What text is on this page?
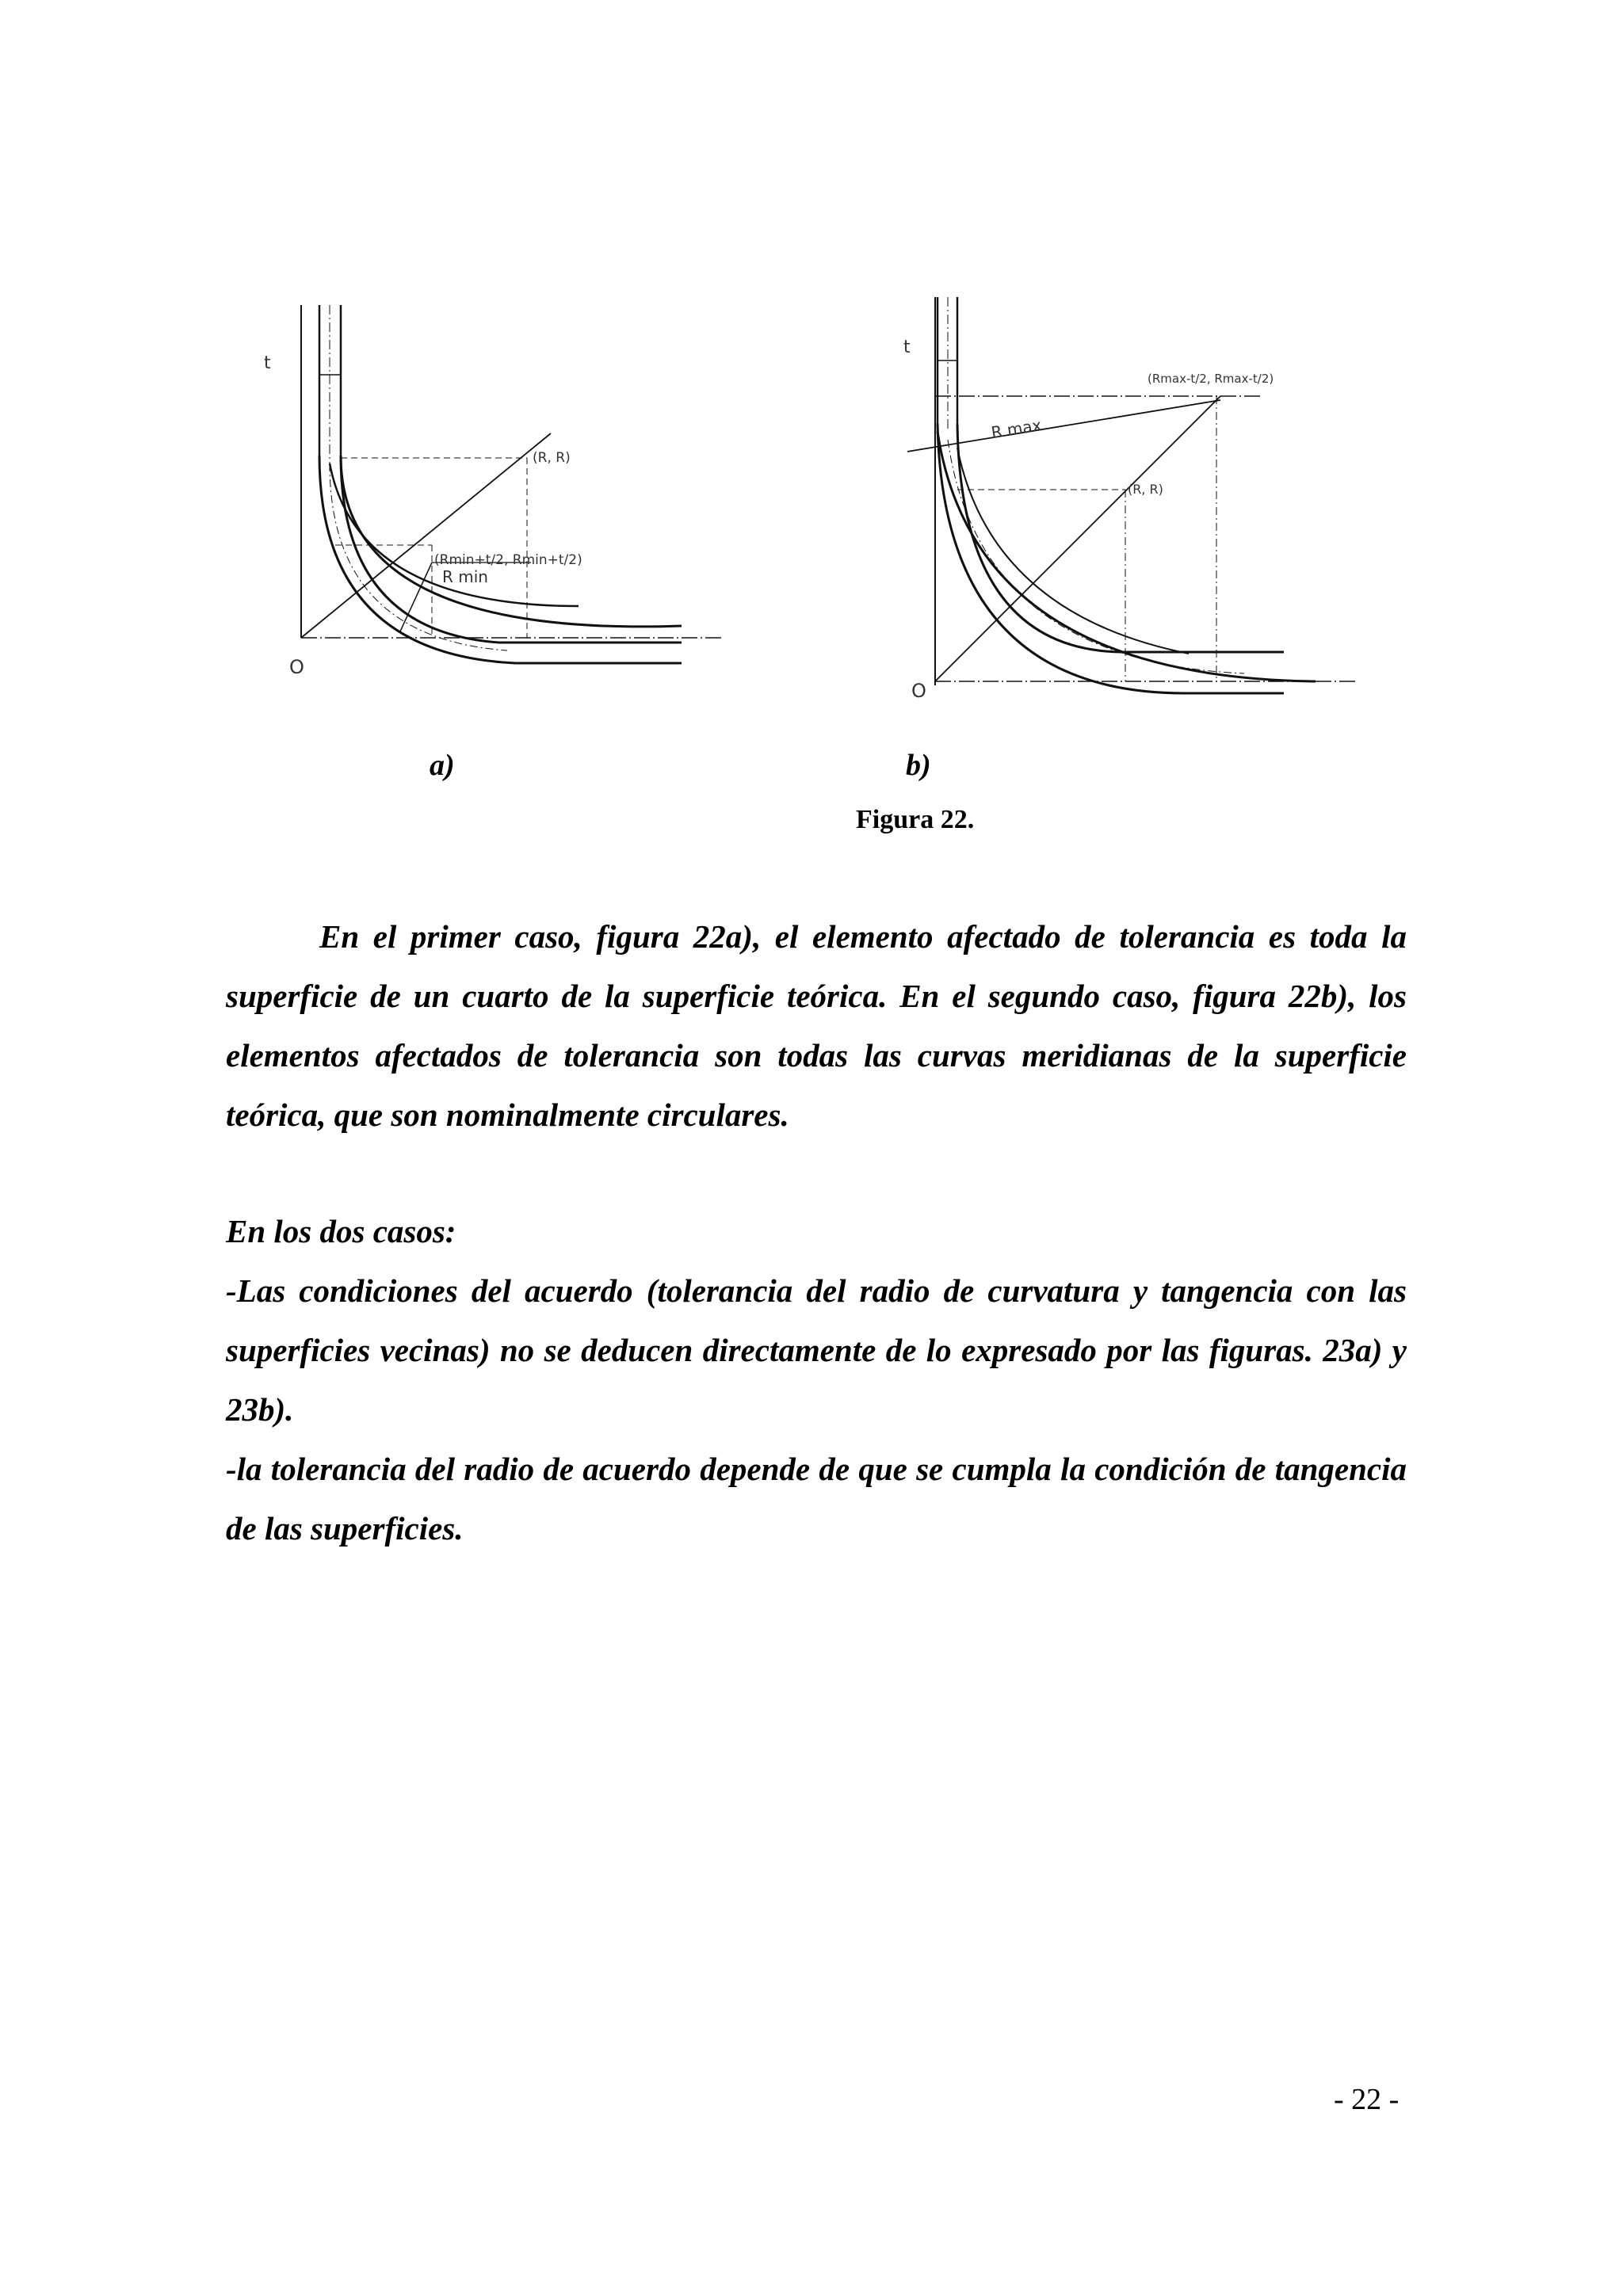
t
O
(R, R)
(Rmin+t/2, Rmin+t/2)
R min
t
O
(Rmax-t/2, Rmax-t/2)
R max
(R, R)
a)	b)
Figura 22.

En el primer caso, figura 22a), el elemento afectado de tolerancia es toda la superficie de un cuarto de la superficie teórica. En el segundo caso, figura 22b), los elementos afectados de tolerancia son todas las curvas meridianas de la superficie teórica, que son nominalmente circulares.

En los dos casos:

-Las condiciones del acuerdo (tolerancia del radio de curvatura y tangencia con las superficies vecinas) no se deducen directamente de lo expresado por las figuras. 23a) y 23b).

-la tolerancia del radio de acuerdo depende de que se cumpla la condición de tangencia de las superficies.

- 22 -
